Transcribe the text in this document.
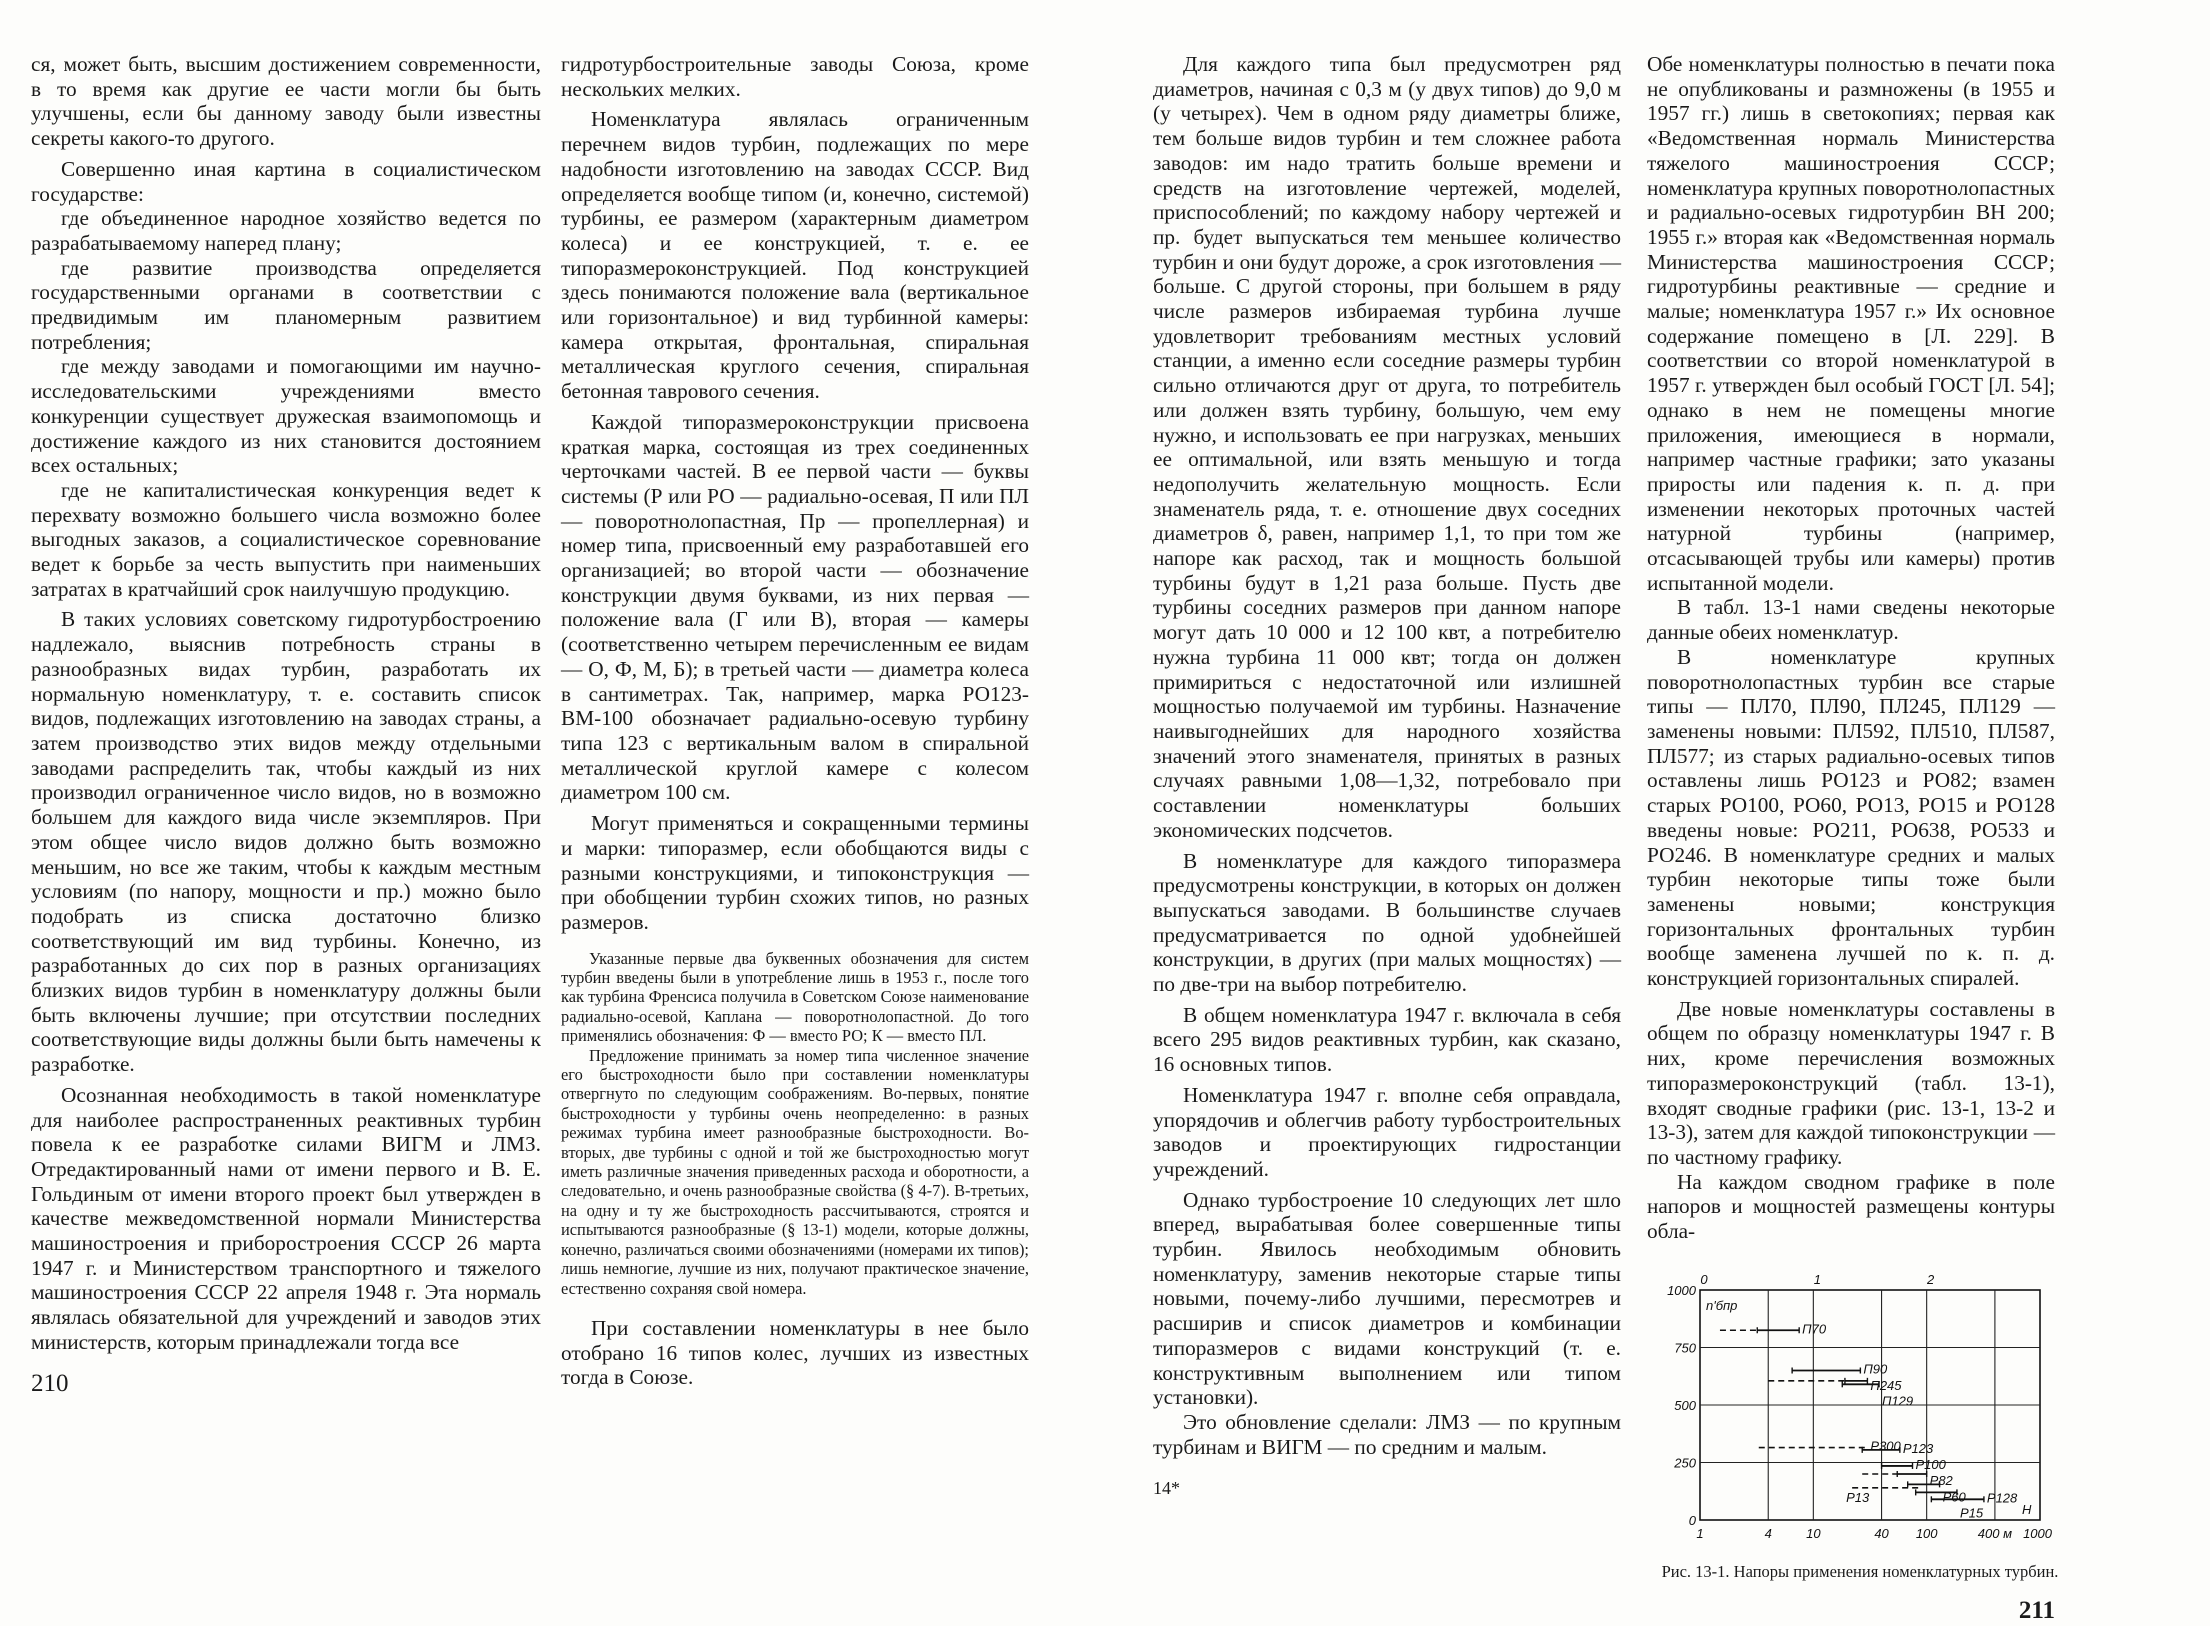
ся, может быть, высшим достижением современности, в то время как другие ее части могли бы быть улучшены, если бы данному заводу были известны секреты какого-то другого.

Совершенно иная картина в социалистическом государстве:

где объединенное народное хозяйство ведется по разрабатываемому наперед плану;

где развитие производства определяется государственными органами в соответствии с предвидимым им планомерным развитием потребления;

где между заводами и помогающими им научно-исследовательскими учреждениями вместо конкуренции существует дружеская взаимопомощь и достижение каждого из них становится достоянием всех остальных;

где не капиталистическая конкуренция ведет к перехвату возможно большего числа возможно более выгодных заказов, а социалистическое соревнование ведет к борьбе за честь выпустить при наименьших затратах в кратчайший срок наилучшую продукцию.

В таких условиях советскому гидротурбостроению надлежало, выяснив потребность страны в разнообразных видах турбин, разработать их нормальную номенклатуру, т. е. составить список видов, подлежащих изготовлению на заводах страны, а затем производство этих видов между отдельными заводами распределить так, чтобы каждый из них производил ограниченное число видов, но в возможно большем для каждого вида числе экземпляров. При этом общее число видов должно быть возможно меньшим, но все же таким, чтобы к каждым местным условиям (по напору, мощности и пр.) можно было подобрать из списка достаточно близко соответствующий им вид турбины. Конечно, из разработанных до сих пор в разных организациях близких видов турбин в номенклатуру должны были быть включены лучшие; при отсутствии последних соответствующие виды должны были быть намечены к разработке.

Осознанная необходимость в такой номенклатуре для наиболее распространенных реактивных турбин повела к ее разработке силами ВИГМ и ЛМЗ. Отредактированный нами от имени первого и В. Е. Гольдиным от имени второго проект был утвержден в качестве межведомственной нормали Министерства машиностроения и приборостроения СССР 26 марта 1947 г. и Министерством транспортного и тяжелого машиностроения СССР 22 апреля 1948 г. Эта нормаль являлась обязательной для учреждений и заводов этих министерств, которым принадлежали тогда все

210

гидротурбостроительные заводы Союза, кроме нескольких мелких.

Номенклатура являлась ограниченным перечнем видов турбин, подлежащих по мере надобности изготовлению на заводах СССР. Вид определяется вообще типом (и, конечно, системой) турбины, ее размером (характерным диаметром колеса) и ее конструкцией, т. е. ее типоразмероконструкцией. Под конструкцией здесь понимаются положение вала (вертикальное или горизонтальное) и вид турбинной камеры: камера открытая, фронтальная, спиральная металлическая круглого сечения, спиральная бетонная таврового сечения.

Каждой типоразмероконструкции присвоена краткая марка, состоящая из трех соединенных черточками частей. В ее первой части — буквы системы (Р или РО — радиально-осевая, П или ПЛ — поворотнолопастная, Пр — пропеллерная) и номер типа, присвоенный ему разработавшей его организацией; во второй части — обозначение конструкции двумя буквами, из них первая — положение вала (Г или В), вторая — камеры (соответственно четырем перечисленным ее видам — О, Ф, М, Б); в третьей части — диаметра колеса в сантиметрах. Так, например, марка РО123-ВМ-100 обозначает радиально-осевую турбину типа 123 с вертикальным валом в спиральной металлической круглой камере с колесом диаметром 100 см.

Могут применяться и сокращенными термины и марки: типоразмер, если обобщаются виды с разными конструкциями, и типоконструкция — при обобщении турбин схожих типов, но разных размеров.

Указанные первые два буквенных обозначения для систем турбин введены были в употребление лишь в 1953 г., после того как турбина Френсиса получила в Советском Союзе наименование радиально-осевой, Каплана — поворотнолопастной. До того применялись обозначения: Ф — вместо РО; К — вместо ПЛ.

Предложение принимать за номер типа численное значение его быстроходности было при составлении номенклатуры отвергнуто по следующим соображениям. Во-первых, понятие быстроходности у турбины очень неопределенно: в разных режимах турбина имеет разнообразные быстроходности. Во-вторых, две турбины с одной и той же быстроходностью могут иметь различные значения приведенных расхода и оборотности, а следовательно, и очень разнообразные свойства (§ 4-7). В-третьих, на одну и ту же быстроходность рассчитываются, строятся и испытываются разнообразные (§ 13-1) модели, которые должны, конечно, различаться своими обозначениями (номерами их типов); лишь немногие, лучшие из них, получают практическое значение, естественно сохраняя свой номера.

При составлении номенклатуры в нее было отобрано 16 типов колес, лучших из известных тогда в Союзе.

Для каждого типа был предусмотрен ряд диаметров, начиная с 0,3 м (у двух типов) до 9,0 м (у четырех). Чем в одном ряду диаметры ближе, тем больше видов турбин и тем сложнее работа заводов: им надо тратить больше времени и средств на изготовление чертежей, моделей, приспособлений; по каждому набору чертежей и пр. будет выпускаться тем меньшее количество турбин и они будут дороже, а срок изготовления — больше. С другой стороны, при большем в ряду числе размеров избираемая турбина лучше удовлетворит требованиям местных условий станции, а именно если соседние размеры турбин сильно отличаются друг от друга, то потребитель или должен взять турбину, большую, чем ему нужно, и использовать ее при нагрузках, меньших ее оптимальной, или взять меньшую и тогда недополучить желательную мощность. Если знаменатель ряда, т. е. отношение двух соседних диаметров δ, равен, например 1,1, то при том же напоре как расход, так и мощность большой турбины будут в 1,21 раза больше. Пусть две турбины соседних размеров при данном напоре могут дать 10 000 и 12 100 квт, а потребителю нужна турбина 11 000 квт; тогда он должен примириться с недостаточной или излишней мощностью получаемой им турбины. Назначение наивыгоднейших для народного хозяйства значений этого знаменателя, принятых в разных случаях равными 1,08—1,32, потребовало при составлении номенклатуры больших экономических подсчетов.

В номенклатуре для каждого типоразмера предусмотрены конструкции, в которых он должен выпускаться заводами. В большинстве случаев предусматривается по одной удобнейшей конструкции, в других (при малых мощностях) — по две-три на выбор потребителю.

В общем номенклатура 1947 г. включала в себя всего 295 видов реактивных турбин, как сказано, 16 основных типов.

Номенклатура 1947 г. вполне себя оправдала, упорядочив и облегчив работу турбостроительных заводов и проектирующих гидростанции учреждений.

Однако турбостроение 10 следующих лет шло вперед, вырабатывая более совершенные типы турбин. Явилось необходимым обновить номенклатуру, заменив некоторые старые типы новыми, почему-либо лучшими, пересмотрев и расширив и список диаметров и комбинации типоразмеров с видами конструкций (т. е. конструктивным выполнением или типом установки).

Это обновление сделали: ЛМЗ — по крупным турбинам и ВИГМ — по средним и малым.

14*

Обе номенклатуры полностью в печати пока не опубликованы и размножены (в 1955 и 1957 гг.) лишь в светокопиях; первая как «Ведомственная нормаль Министерства тяжелого машиностроения СССР; номенклатура крупных поворотнолопастных и радиально-осевых гидротурбин ВН 200; 1955 г.» вторая как «Ведомственная нормаль Министерства машиностроения СССР; гидротурбины реактивные — средние и малые; номенклатура 1957 г.» Их основное содержание помещено в [Л. 229]. В соответствии со второй номенклатурой в 1957 г. утвержден был особый ГОСТ [Л. 54]; однако в нем не помещены многие приложения, имеющиеся в нормали, например частные графики; зато указаны приросты или падения к. п. д. при изменении некоторых проточных частей натурной турбины (например, отсасывающей трубы или камеры) против испытанной модели.

В табл. 13-1 нами сведены некоторые данные обеих номенклатур.

В номенклатуре крупных поворотнолопастных турбин все старые типы — ПЛ70, ПЛ90, ПЛ245, ПЛ129 — заменены новыми: ПЛ592, ПЛ510, ПЛ587, ПЛ577; из старых радиально-осевых типов оставлены лишь РО123 и РО82; взамен старых РО100, РО60, РО13, РО15 и РО128 введены новые: РО211, РО638, РО533 и РО246. В номенклатуре средних и малых турбин некоторые типы тоже были заменены новыми; конструкция горизонтальных фронтальных турбин вообще заменена лучшей по к. п. д. конструкцией горизонтальных спиралей.

Две новые номенклатуры составлены в общем по образцу номенклатуры 1947 г. В них, кроме перечисления возможных типоразмероконструкций (табл. 13-1), входят сводные графики (рис. 13-1, 13-2 и 13-3), затем для каждой типоконструкции — по частному графику.

На каждом сводном графике в поле напоров и мощностей размещены контуры обла-

1	4	10	40 100	400 м 1000
0
250
500
750
1000
0	1	2
n'бпр
H
П70
П90
П245
П129
Р300 Р123
Р100
Р82
Р60
Р13
Р15
Р128
Рис. 13-1. Напоры применения номенклатурных турбин.
211
